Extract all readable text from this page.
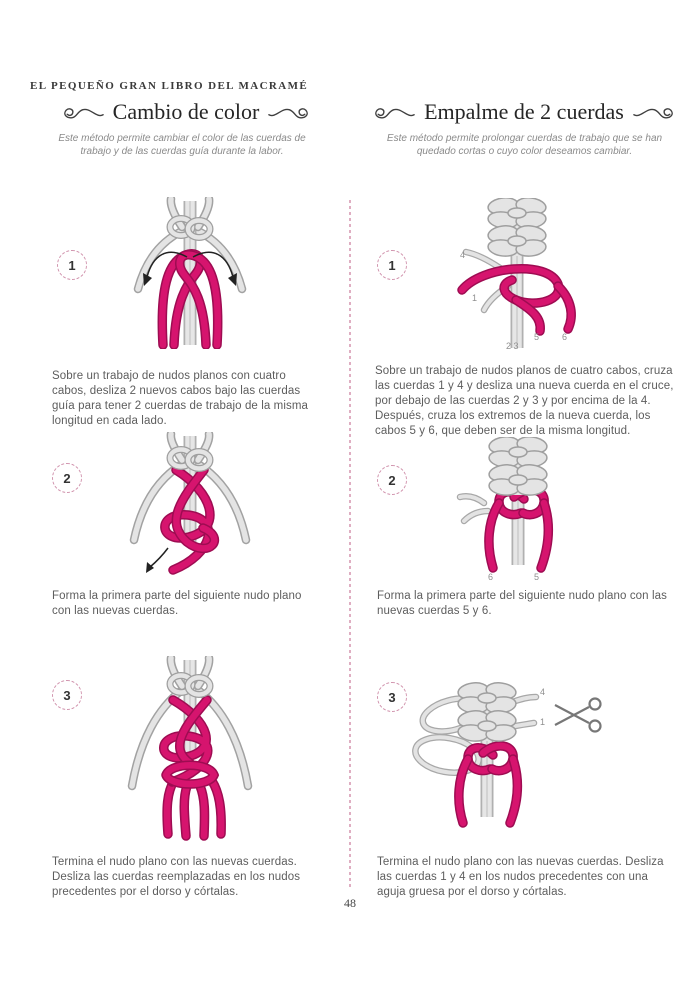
EL PEQUEÑO GRAN LIBRO DEL MACRAMÉ
Cambio de color
Este método permite cambiar el color de las cuerdas de trabajo y de las cuerdas guía durante la labor.
Empalme de 2 cuerdas
Este método permite prolongar cuerdas de trabajo que se han quedado cortas o cuyo color deseamos cambiar.
1

Sobre un trabajo de nudos planos con cuatro cabos, desliza 2 nuevos cabos bajo las cuerdas guía para tener 2 cuerdas de trabajo de la misma longitud en cada lado.

2

Forma la primera parte del siguiente nudo plano con las nuevas cuerdas.

3

Termina el nudo plano con las nuevas cuerdas. Desliza las cuerdas reemplazadas en los nudos precedentes por el dorso y córtalas.

1
4
1
2 3
5	6

Sobre un trabajo de nudos planos de cuatro cabos, cruza las cuerdas 1 y 4 y desliza una nueva cuerda en el cruce, por debajo de las cuerdas 2 y 3 y por encima de la 4. Después, cruza los extremos de la nueva cuerda, los cabos 5 y 6, que deben ser de la misma longitud.

2
6	5

Forma la primera parte del siguiente nudo plano con las nuevas cuerdas 5 y 6.

3	4
1

Termina el nudo plano con las nuevas cuerdas. Desliza las cuerdas 1 y 4 en los nudos precedentes con una aguja gruesa por el dorso y córtalas.

48
